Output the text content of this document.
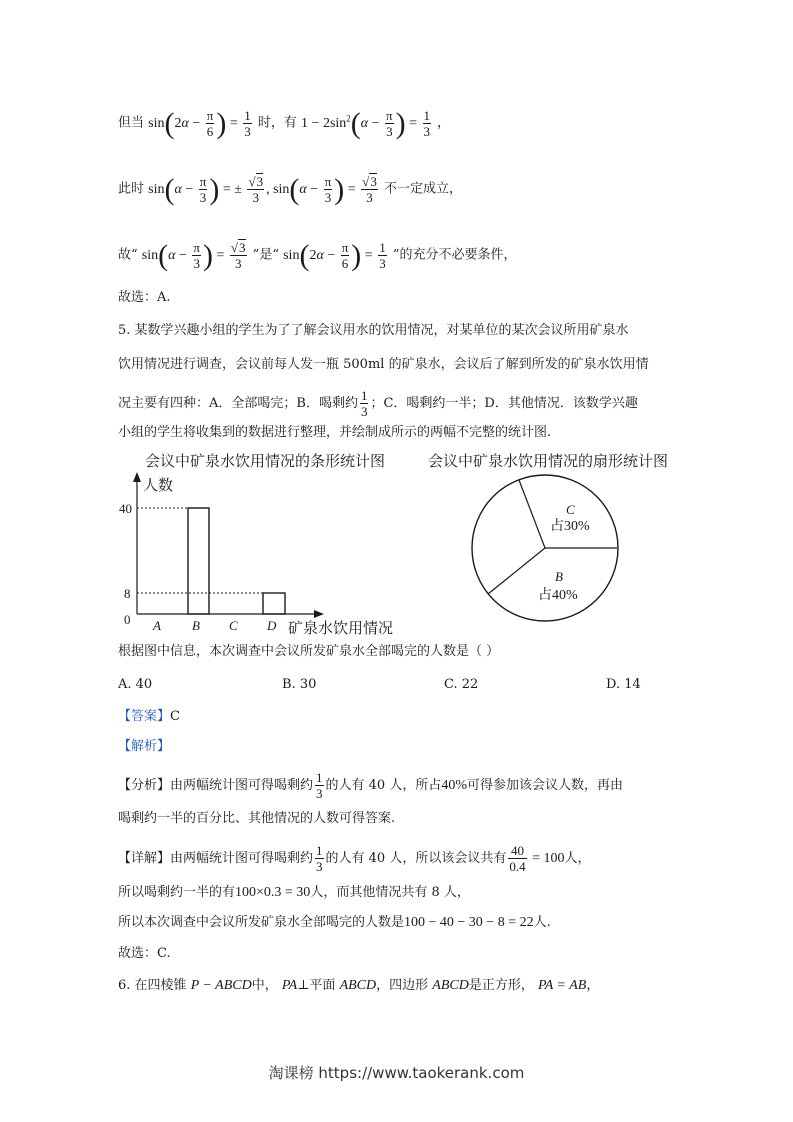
但当 $\sin(2\alpha - \frac{\pi}{6}$ ) = $\frac{1}{3}$ 时，有 $1 - 2\sin^2(\alpha - \frac{\pi}{3}$ ) = $\frac{1}{3}$ ，
此时 $\sin(\alpha - \frac{\pi}{3}$ ) = ± $\frac{√3}{3}$ , $\sin(\alpha - \frac{\pi}{3}$ ) = $\frac{√3}{3}$ 不一定成立，
故“ $\sin(\alpha - \frac{\pi}{3}$ ) = $\frac{√3}{3}$ ”是“ $\sin(2\alpha - \frac{\pi}{6}$ ) = $\frac{1}{3}$ ”的充分不必要条件，
故选：A.
5. 某数学兴趣小组的学生为了了解会议用水的饮用情况，对某单位的某次会议所用矿泉水
饮用情况进行调查，会议前每人发一瓶 500ml 的矿泉水，会议后了解到所发的矿泉水饮用情
况主要有四种：A．全部喝完；B．喝剩约 $\frac{1}{3}$ ；C．喝剩约一半；D．其他情况．该数学兴趣
小组的学生将收集到的数据进行整理，并绘制成所示的两幅不完整的统计图.
会议中矿泉水饮用情况的条形统计图	会议中矿泉水饮用情况的扇形统计图
人数
矿泉水饮用情况
40
8
0 A B C D
C
占30%
B
占40%
根据图中信息，本次调查中会议所发矿泉水全部喝完的人数是（ ）
A. 40	B. 30	C. 22	D. 14
【答案】C
【解析】
【分析】由两幅统计图可得喝剩约 $\frac{1}{3}$ 的人有 40 人，所占40%可得参加该会议人数，再由
喝剩约一半的百分比、其他情况的人数可得答案.
【详解】由两幅统计图可得喝剩约 $\frac{1}{3}$ 的人有 40 人，所以该会议共有 $\frac{40}{0.4} = 100$人，
所以喝剩约一半的有100×0.3 = 30人，而其他情况共有 8 人，
所以本次调查中会议所发矿泉水全部喝完的人数是100 − 40 − 30 − 8 = 22人.
故选：C.
6. 在四棱锥 P − ABCD中， PA⊥平面 ABCD，四边形 ABCD是正方形， PA = AB，
淘课榜 https://www.taokerank.com
